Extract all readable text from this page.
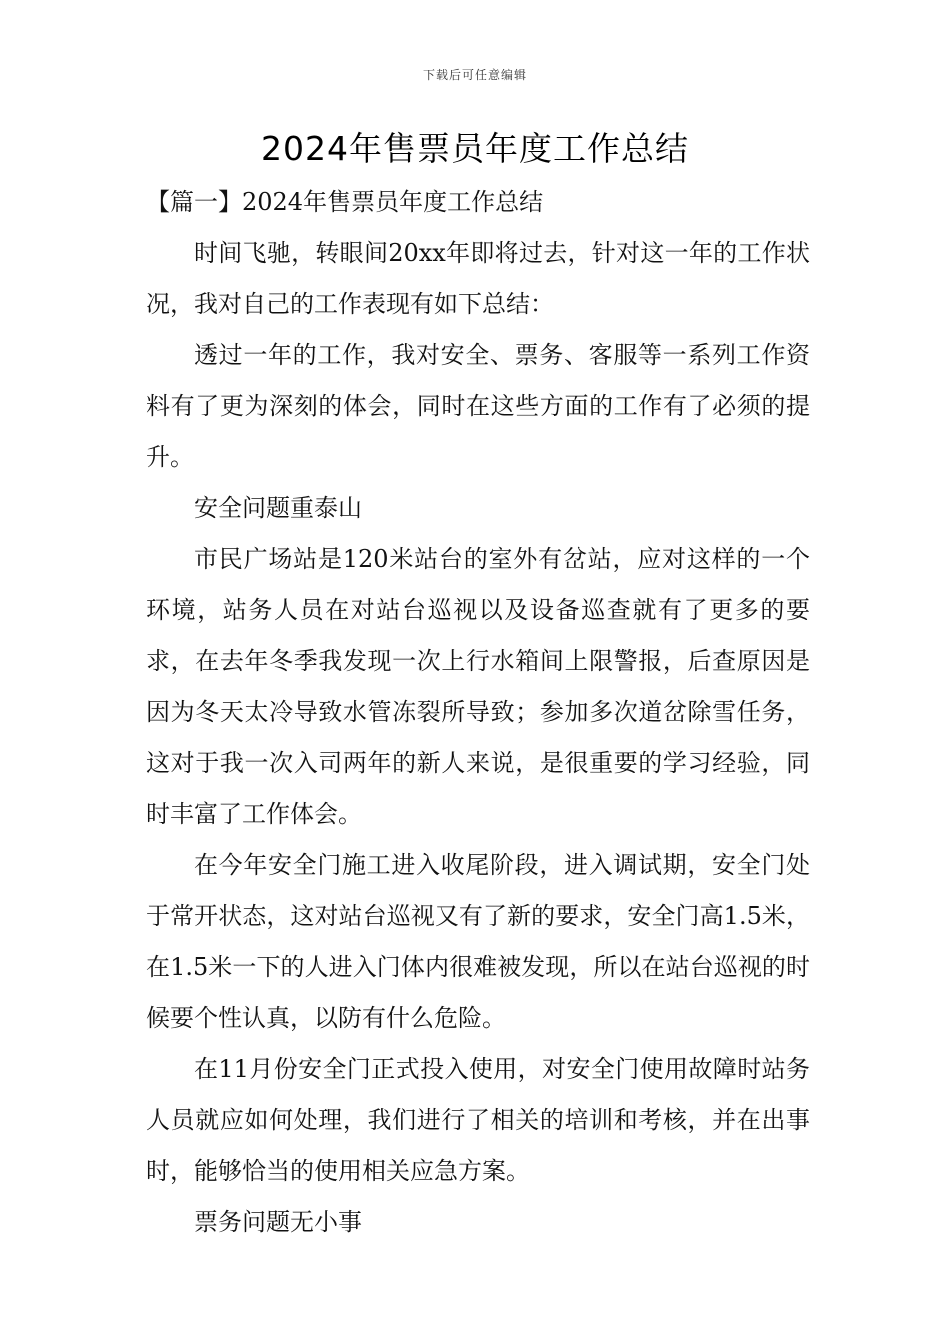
下载后可任意编辑
2024年售票员年度工作总结

【篇一】2024年售票员年度工作总结

时间飞驰，转眼间20xx年即将过去，针对这一年的工作状况，我对自己的工作表现有如下总结：

透过一年的工作，我对安全、票务、客服等一系列工作资料有了更为深刻的体会，同时在这些方面的工作有了必须的提升。

安全问题重泰山

市民广场站是120米站台的室外有岔站，应对这样的一个环境，站务人员在对站台巡视以及设备巡查就有了更多的要求，在去年冬季我发现一次上行水箱间上限警报，后查原因是因为冬天太冷导致水管冻裂所导致；参加多次道岔除雪任务，这对于我一次入司两年的新人来说，是很重要的学习经验，同时丰富了工作体会。

在今年安全门施工进入收尾阶段，进入调试期，安全门处于常开状态，这对站台巡视又有了新的要求，安全门高1.5米，在1.5米一下的人进入门体内很难被发现，所以在站台巡视的时候要个性认真，以防有什么危险。

在11月份安全门正式投入使用，对安全门使用故障时站务人员就应如何处理，我们进行了相关的培训和考核，并在出事时，能够恰当的使用相关应急方案。

票务问题无小事
